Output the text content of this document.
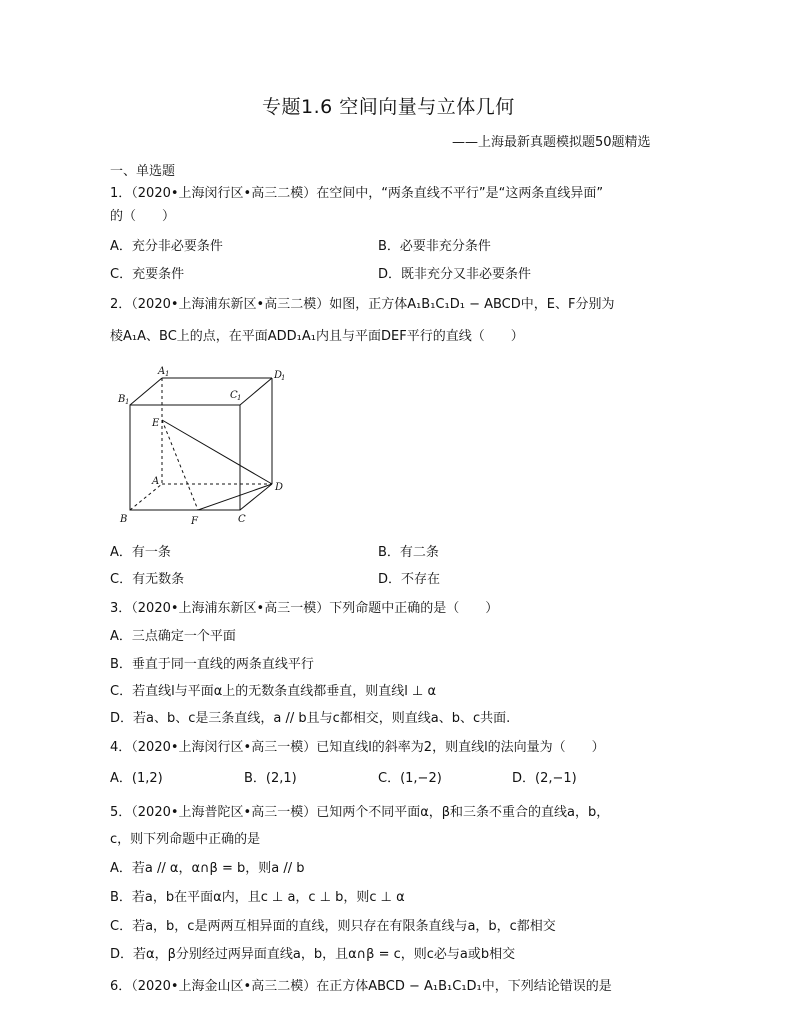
专题1.6 空间向量与立体几何
——上海最新真题模拟题50题精选
一、单选题
1．（2020•上海闵行区•高三二模）在空间中，“两条直线不平行”是“这两条直线异面”
的（　　）
A．充分非必要条件	B．必要非充分条件
C．充要条件	D．既非充分又非必要条件
2．（2020•上海浦东新区•高三二模）如图，正方体A₁B₁C₁D₁ − ABCD中，E、F分别为
棱A₁A、BC上的点，在平面ADD₁A₁内且与平面DEF平行的直线（　　）
A 1
B 1
C 1
D
1
E
A
D
B	F	C
A．有一条	B．有二条
C．有无数条	D．不存在
3．（2020•上海浦东新区•高三一模）下列命题中正确的是（　　）
A．三点确定一个平面
B．垂直于同一直线的两条直线平行
C．若直线l与平面α上的无数条直线都垂直，则直线l ⊥ α
D．若a、b、c是三条直线，a // b且与c都相交，则直线a、b、c共面.
4．（2020•上海闵行区•高三一模）已知直线l的斜率为2，则直线l的法向量为（　　）
A．(1,2)	B．(2,1)	C．(1,−2)	D．(2,−1)
5．（2020•上海普陀区•高三一模）已知两个不同平面α，β和三条不重合的直线a，b，
c，则下列命题中正确的是
A．若a // α，α∩β = b，则a // b
B．若a，b在平面α内，且c ⊥ a，c ⊥ b，则c ⊥ α
C．若a，b，c是两两互相异面的直线，则只存在有限条直线与a，b，c都相交
D．若α，β分别经过两异面直线a，b，且α∩β = c，则c必与a或b相交
6．（2020•上海金山区•高三二模）在正方体ABCD − A₁B₁C₁D₁中，下列结论错误的是
